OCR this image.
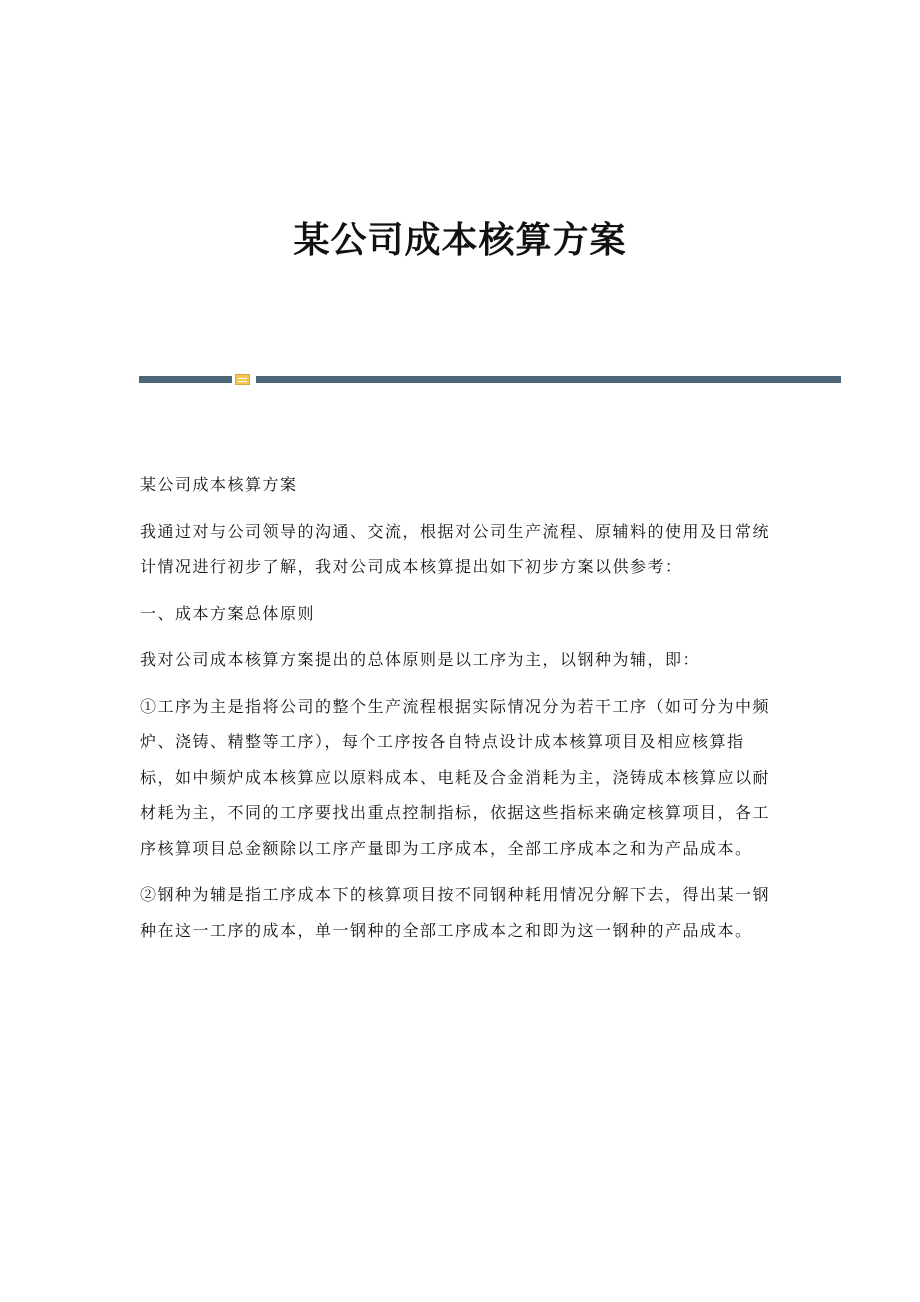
某公司成本核算方案

某公司成本核算方案

我通过对与公司领导的沟通、交流，根据对公司生产流程、原辅料的使用及日常统计情况进行初步了解，我对公司成本核算提出如下初步方案以供参考：

一、成本方案总体原则

我对公司成本核算方案提出的总体原则是以工序为主，以钢种为辅，即：

①工序为主是指将公司的整个生产流程根据实际情况分为若干工序（如可分为中频炉、浇铸、精整等工序），每个工序按各自特点设计成本核算项目及相应核算指标，如中频炉成本核算应以原料成本、电耗及合金消耗为主，浇铸成本核算应以耐材耗为主，不同的工序要找出重点控制指标，依据这些指标来确定核算项目，各工序核算项目总金额除以工序产量即为工序成本，全部工序成本之和为产品成本。

②钢种为辅是指工序成本下的核算项目按不同钢种耗用情况分解下去，得出某一钢种在这一工序的成本，单一钢种的全部工序成本之和即为这一钢种的产品成本。
